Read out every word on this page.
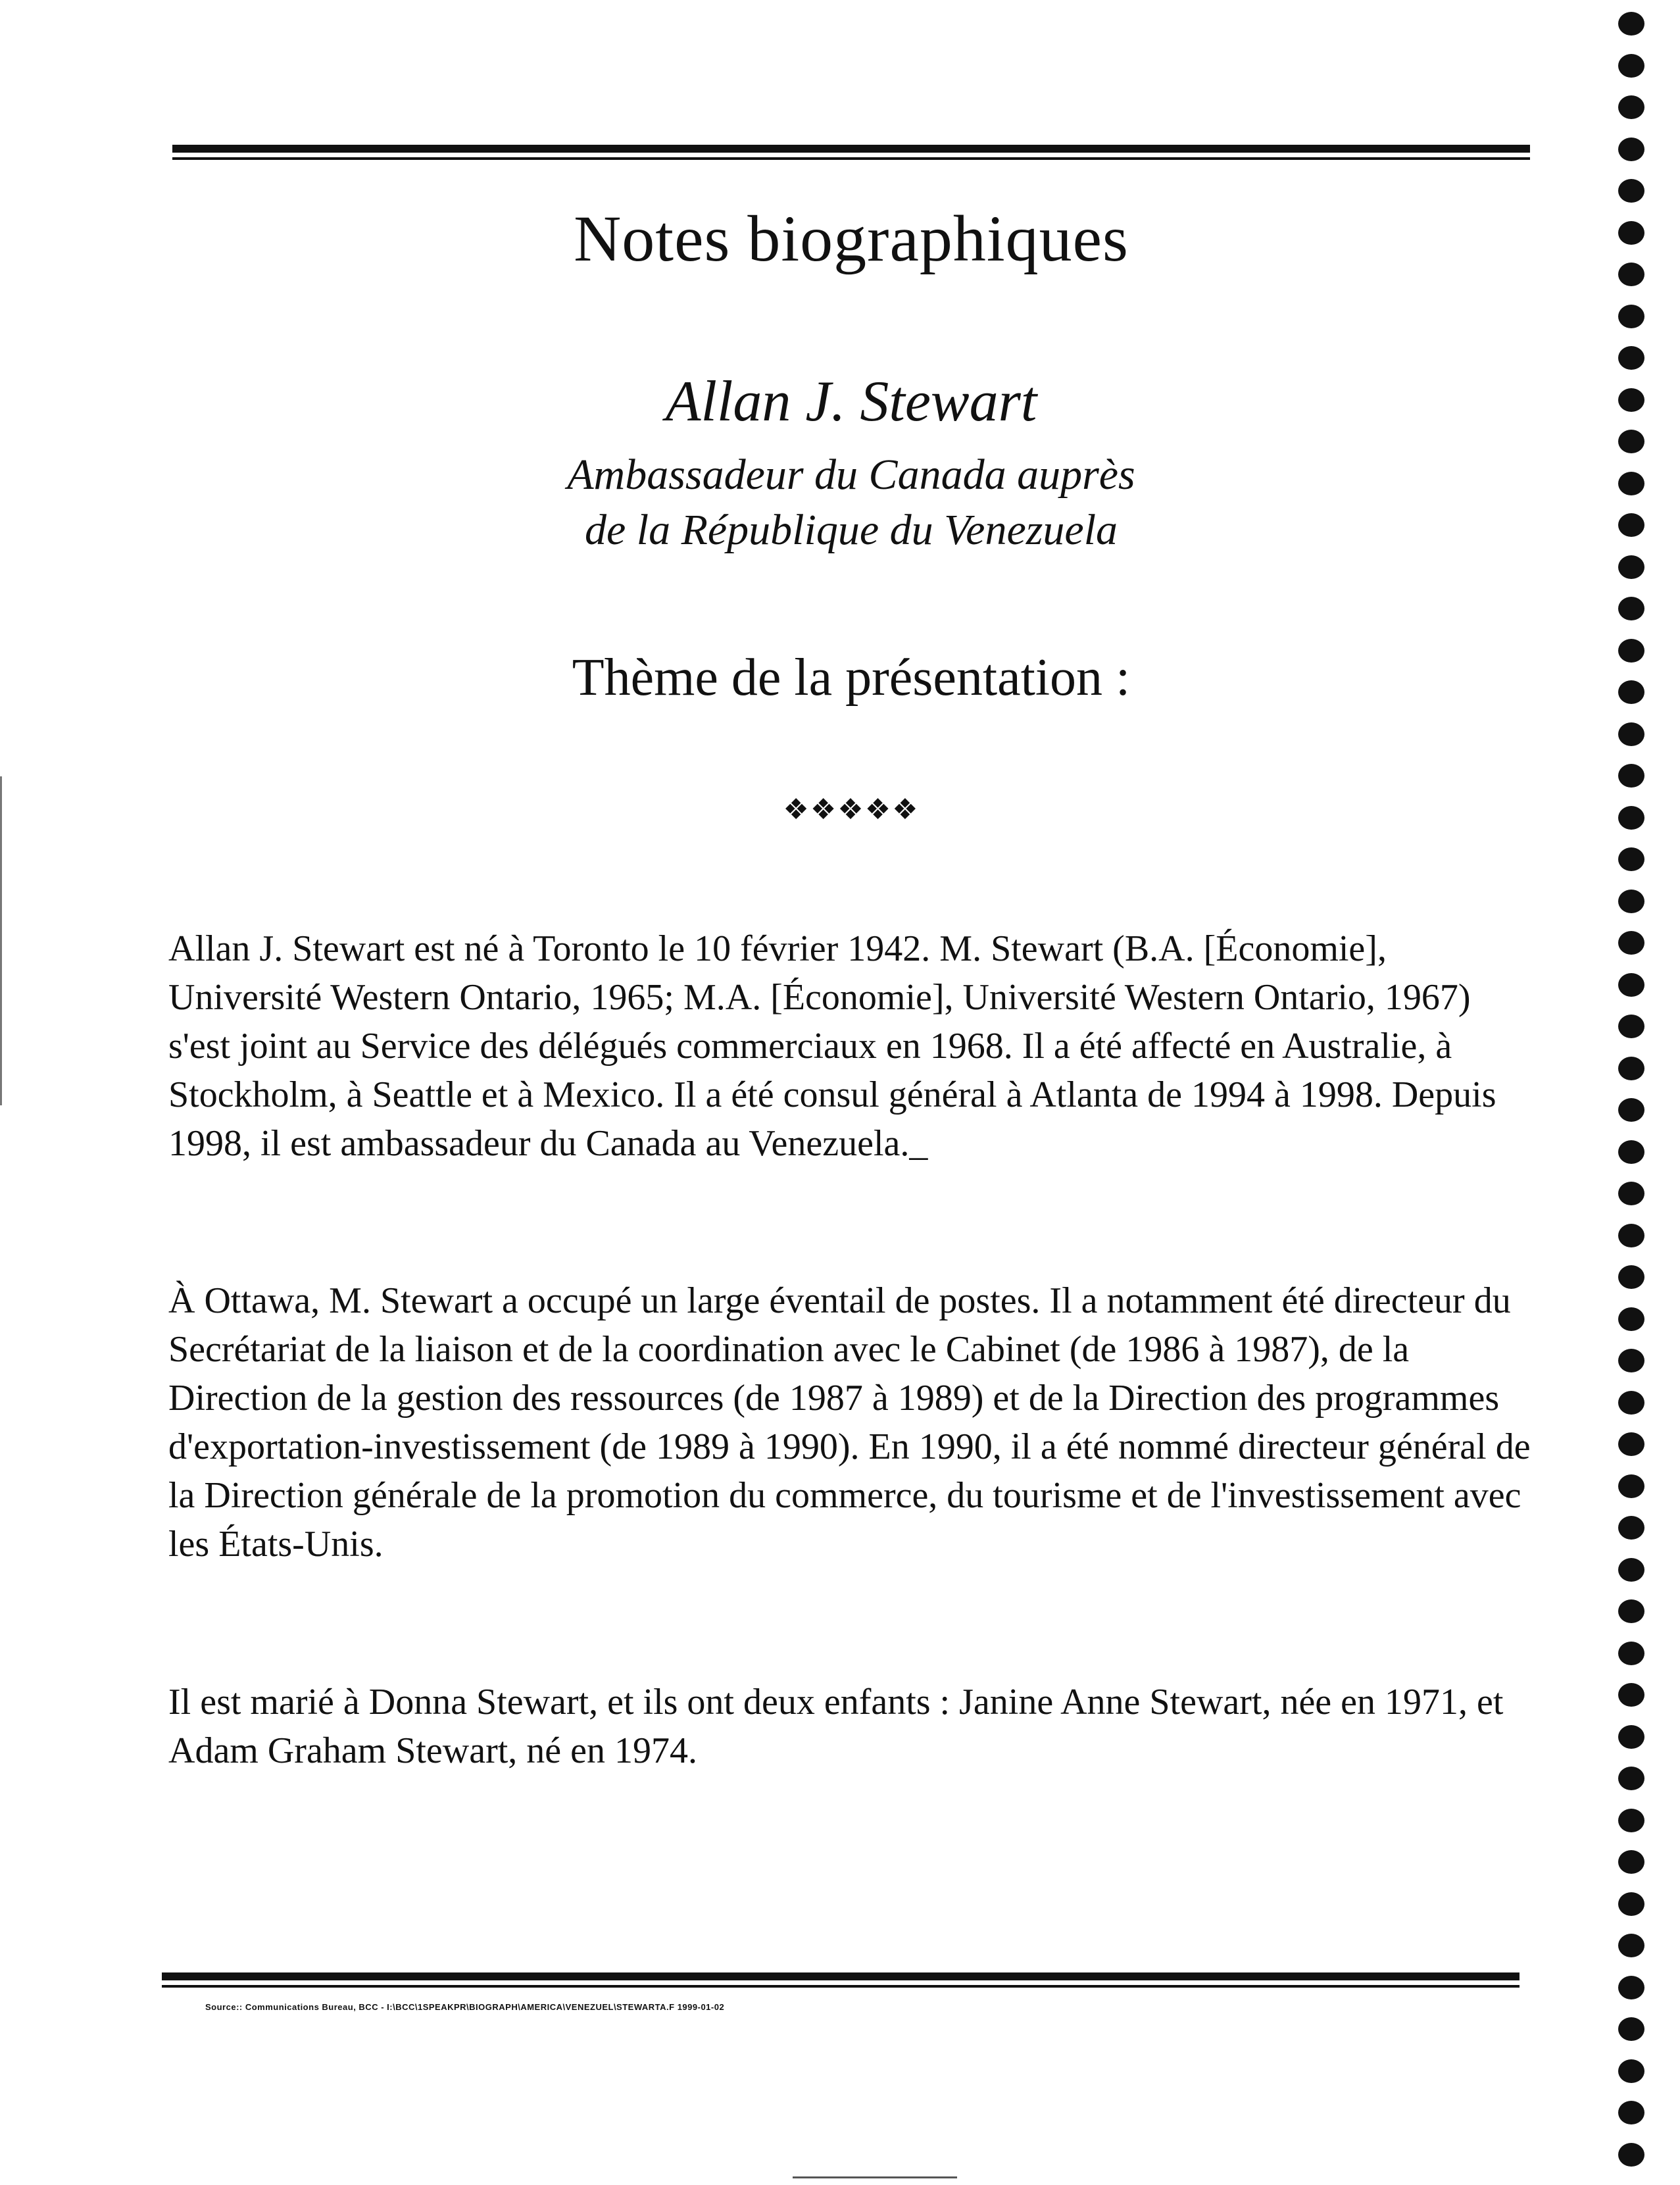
Notes biographiques
Allan J. Stewart
Ambassadeur du Canada auprès
de la République du Venezuela
Thème de la présentation :
❖❖❖❖❖

Allan J. Stewart est né à Toronto le 10 février 1942. M. Stewart (B.A. [Économie], Université Western Ontario, 1965; M.A. [Économie], Université Western Ontario, 1967) s'est joint au Service des délégués commerciaux en 1968. Il a été affecté en Australie, à Stockholm, à Seattle et à Mexico. Il a été consul général à Atlanta de 1994 à 1998. Depuis 1998, il est ambassadeur du Canada au Venezuela._

À Ottawa, M. Stewart a occupé un large éventail de postes. Il a notamment été directeur du Secrétariat de la liaison et de la coordination avec le Cabinet (de 1986 à 1987), de la Direction de la gestion des ressources (de 1987 à 1989) et de la Direction des programmes d'exportation-investissement (de 1989 à 1990). En 1990, il a été nommé directeur général de la Direction générale de la promotion du commerce, du tourisme et de l'investissement avec les États-Unis.

Il est marié à Donna Stewart, et ils ont deux enfants : Janine Anne Stewart, née en 1971, et Adam Graham Stewart, né en 1974.

Source:: Communications Bureau, BCC - I:\BCC\1SPEAKPR\BIOGRAPH\AMERICA\VENEZUEL\STEWARTA.F 1999-01-02
